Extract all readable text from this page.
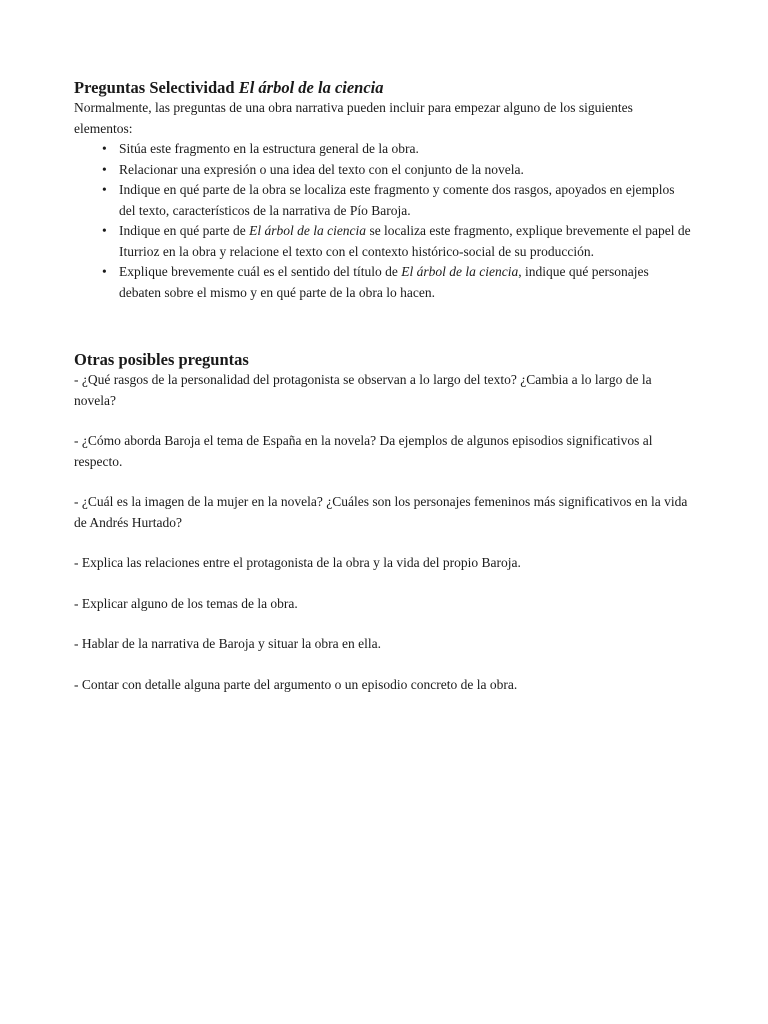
Preguntas Selectividad El árbol de la ciencia

Normalmente, las preguntas de una obra narrativa pueden incluir para empezar alguno de los siguientes elementos:

• Sitúa este fragmento en la estructura general de la obra.
• Relacionar una expresión o una idea del texto con el conjunto de la novela.
• Indique en qué parte de la obra se localiza este fragmento y comente dos rasgos, apoyados en ejemplos del texto, característicos de la narrativa de Pío Baroja.
• Indique en qué parte de El árbol de la ciencia se localiza este fragmento, explique brevemente el papel de Iturrioz en la obra y relacione el texto con el contexto histórico-social de su producción.
• Explique brevemente cuál es el sentido del título de El árbol de la ciencia, indique qué personajes debaten sobre el mismo y en qué parte de la obra lo hacen.
Otras posibles preguntas

- ¿Qué rasgos de la personalidad del protagonista se observan a lo largo del texto? ¿Cambia a lo largo de la novela?

- ¿Cómo aborda Baroja el tema de España en la novela? Da ejemplos de algunos episodios significativos al respecto.

- ¿Cuál es la imagen de la mujer en la novela? ¿Cuáles son los personajes femeninos más significativos en la vida de Andrés Hurtado?

- Explica las relaciones entre el protagonista de la obra y la vida del propio Baroja.

- Explicar alguno de los temas de la obra.

- Hablar de la narrativa de Baroja y situar la obra en ella.

- Contar con detalle alguna parte del argumento o un episodio concreto de la obra.
